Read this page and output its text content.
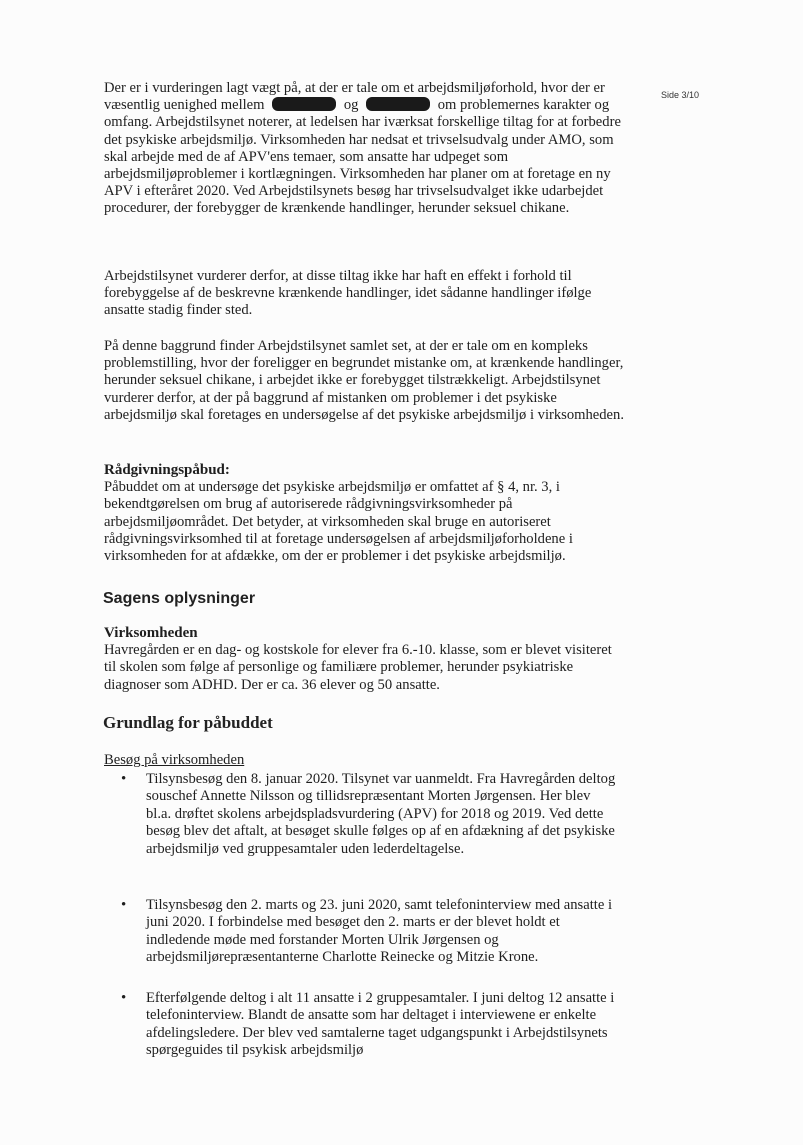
Side 3/10

Der er i vurderingen lagt vægt på, at der er tale om et arbejdsmiljøforhold, hvor der er væsentlig uenighed mellem	og	om problemernes karakter og omfang. Arbejdstilsynet noterer, at ledelsen har iværksat forskellige tiltag for at forbedre det psykiske arbejdsmiljø. Virksomheden har nedsat et trivselsudvalg under AMO, som skal arbejde med de af APV'ens temaer, som ansatte har udpeget som arbejdsmiljøproblemer i kortlægningen. Virksomheden har planer om at foretage en ny APV i efteråret 2020. Ved Arbejdstilsynets besøg har trivselsudvalget ikke udarbejdet procedurer, der forebygger de krænkende handlinger, herunder seksuel chikane.

Arbejdstilsynet vurderer derfor, at disse tiltag ikke har haft en effekt i forhold til forebyggelse af de beskrevne krænkende handlinger, idet sådanne handlinger ifølge ansatte stadig finder sted.

På denne baggrund finder Arbejdstilsynet samlet set, at der er tale om en kompleks problemstilling, hvor der foreligger en begrundet mistanke om, at krænkende handlinger, herunder seksuel chikane, i arbejdet ikke er forebygget tilstrækkeligt. Arbejdstilsynet vurderer derfor, at der på baggrund af mistanken om problemer i det psykiske arbejdsmiljø skal foretages en undersøgelse af det psykiske arbejdsmiljø i virksomheden.

Rådgivningspåbud:

Påbuddet om at undersøge det psykiske arbejdsmiljø er omfattet af § 4, nr. 3, i bekendtgørelsen om brug af autoriserede rådgivningsvirksomheder på arbejdsmiljøområdet. Det betyder, at virksomheden skal bruge en autoriseret rådgivningsvirksomhed til at foretage undersøgelsen af arbejdsmiljøforholdene i virksomheden for at afdække, om der er problemer i det psykiske arbejdsmiljø.

Sagens oplysninger
Virksomheden

Havregården er en dag- og kostskole for elever fra 6.-10. klasse, som er blevet visiteret til skolen som følge af personlige og familiære problemer, herunder psykiatriske diagnoser som ADHD. Der er ca. 36 elever og 50 ansatte.

Grundlag for påbuddet
Besøg på virksomheden
• Tilsynsbesøg den 8. januar 2020. Tilsynet var uanmeldt. Fra Havregården deltog souschef Annette Nilsson og tillidsrepræsentant Morten Jørgensen. Her blev bl.a. drøftet skolens arbejdspladsvurdering (APV) for 2018 og 2019. Ved dette besøg blev det aftalt, at besøget skulle følges op af en afdækning af det psykiske arbejdsmiljø ved gruppesamtaler uden lederdeltagelse.
• Tilsynsbesøg den 2. marts og 23. juni 2020, samt telefoninterview med ansatte i juni 2020. I forbindelse med besøget den 2. marts er der blevet holdt et indledende møde med forstander Morten Ulrik Jørgensen og arbejdsmiljørepræsentanterne Charlotte Reinecke og Mitzie Krone.
• Efterfølgende deltog i alt 11 ansatte i 2 gruppesamtaler. I juni deltog 12 ansatte i telefoninterview. Blandt de ansatte som har deltaget i interviewene er enkelte afdelingsledere. Der blev ved samtalerne taget udgangspunkt i Arbejdstilsynets spørgeguides til psykisk arbejdsmiljø
